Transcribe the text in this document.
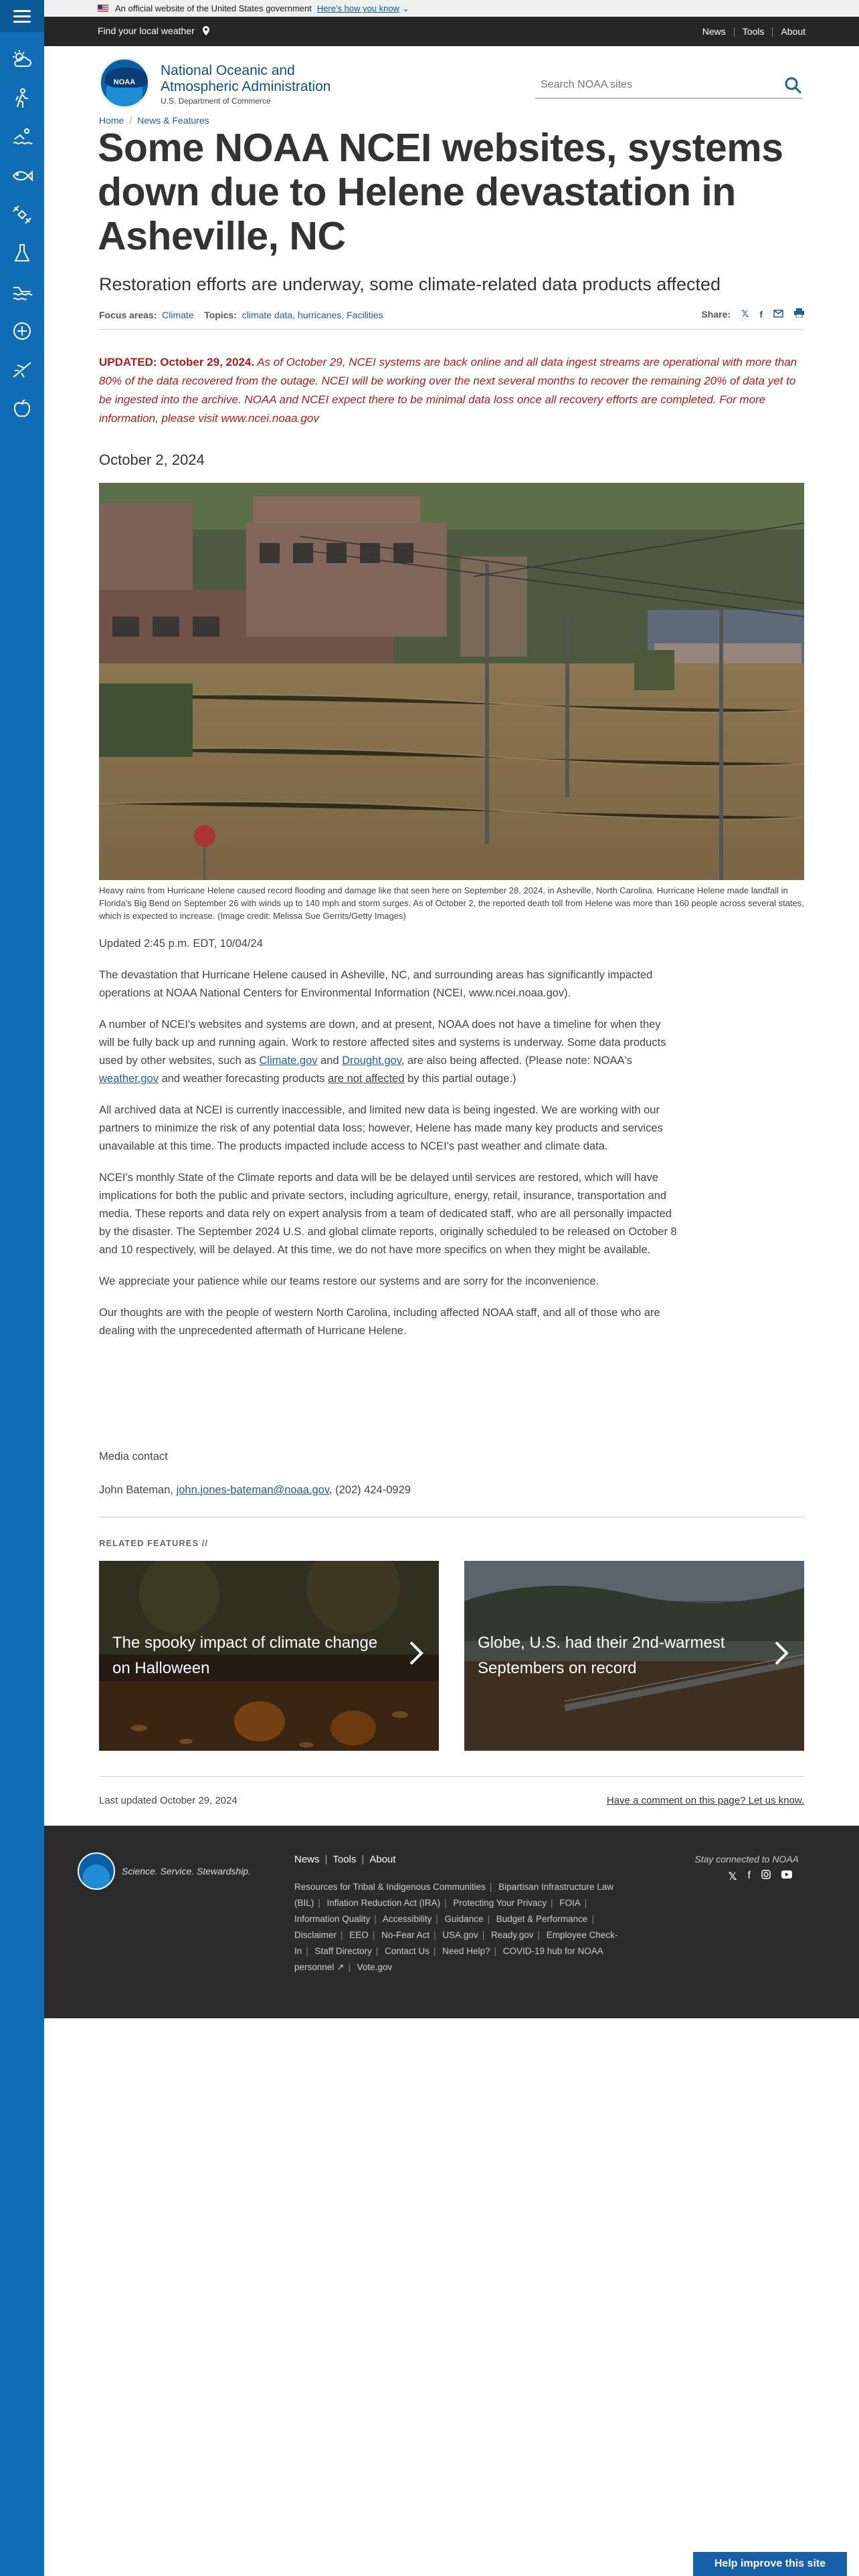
An official website of the United States government Here's how you know ⌄
Find your local weather	News Tools About
NOAA
National Oceanic and
Atmospheric Administration
U.S. Department of Commerce
Search NOAA sites
Home / News & Features
Some NOAA NCEI websites, systems down due to Helene devastation in Asheville, NC
Restoration efforts are underway, some climate-related data products affected
Focus areas: Climate Topics: climate data, hurricanes, Facilities	Share: 𝕏 f
UPDATED: October 29, 2024. As of October 29, NCEI systems are back online and all data ingest streams are operational with more than 80% of the data recovered from the outage. NCEI will be working over the next several months to recover the remaining 20% of data yet to be ingested into the archive. NOAA and NCEI expect there to be minimal data loss once all recovery efforts are completed. For more information, please visit www.ncei.noaa.gov
October 2, 2024
Heavy rains from Hurricane Helene caused record flooding and damage like that seen here on September 28, 2024, in Asheville, North Carolina. Hurricane Helene made landfall in Florida's Big Bend on September 26 with winds up to 140 mph and storm surges. As of October 2, the reported death toll from Helene was more than 160 people across several states, which is expected to increase. (Image credit: Melissa Sue Gerrits/Getty Images)

Updated 2:45 p.m. EDT, 10/04/24

The devastation that Hurricane Helene caused in Asheville, NC, and surrounding areas has significantly impacted operations at NOAA National Centers for Environmental Information (NCEI, www.ncei.noaa.gov).

A number of NCEI's websites and systems are down, and at present, NOAA does not have a timeline for when they will be fully back up and running again. Work to restore affected sites and systems is underway. Some data products used by other websites, such as Climate.gov and Drought.gov, are also being affected. (Please note: NOAA's weather.gov and weather forecasting products are not affected by this partial outage.)

All archived data at NCEI is currently inaccessible, and limited new data is being ingested. We are working with our partners to minimize the risk of any potential data loss; however, Helene has made many key products and services unavailable at this time. The products impacted include access to NCEI's past weather and climate data.

NCEI's monthly State of the Climate reports and data will be be delayed until services are restored, which will have implications for both the public and private sectors, including agriculture, energy, retail, insurance, transportation and media. These reports and data rely on expert analysis from a team of dedicated staff, who are all personally impacted by the disaster. The September 2024 U.S. and global climate reports, originally scheduled to be released on October 8 and 10 respectively, will be delayed. At this time, we do not have more specifics on when they might be available.

We appreciate your patience while our teams restore our systems and are sorry for the inconvenience.

Our thoughts are with the people of western North Carolina, including affected NOAA staff, and all of those who are dealing with the unprecedented aftermath of Hurricane Helene.

Media contact
John Bateman, john.jones-bateman@noaa.gov, (202) 424-0929
RELATED FEATURES //
The spooky impact of climate change on Halloween
Globe, U.S. had their 2nd-warmest Septembers on record
Last updated October 29, 2024	Have a comment on this page? Let us know.
Science. Service. Stewardship.
News | Tools | About
Resources for Tribal & Indigenous Communities | Bipartisan Infrastructure Law (BIL) | Inflation Reduction Act (IRA) | Protecting Your Privacy | FOIA | Information Quality | Accessibility | Guidance | Budget & Performance | Disclaimer | EEO | No-Fear Act | USA.gov | Ready.gov | Employee Check-In | Staff Directory | Contact Us | Need Help? | COVID-19 hub for NOAA personnel ↗ | Vote.gov
Stay connected to NOAA
𝕏 f
Help improve this site
